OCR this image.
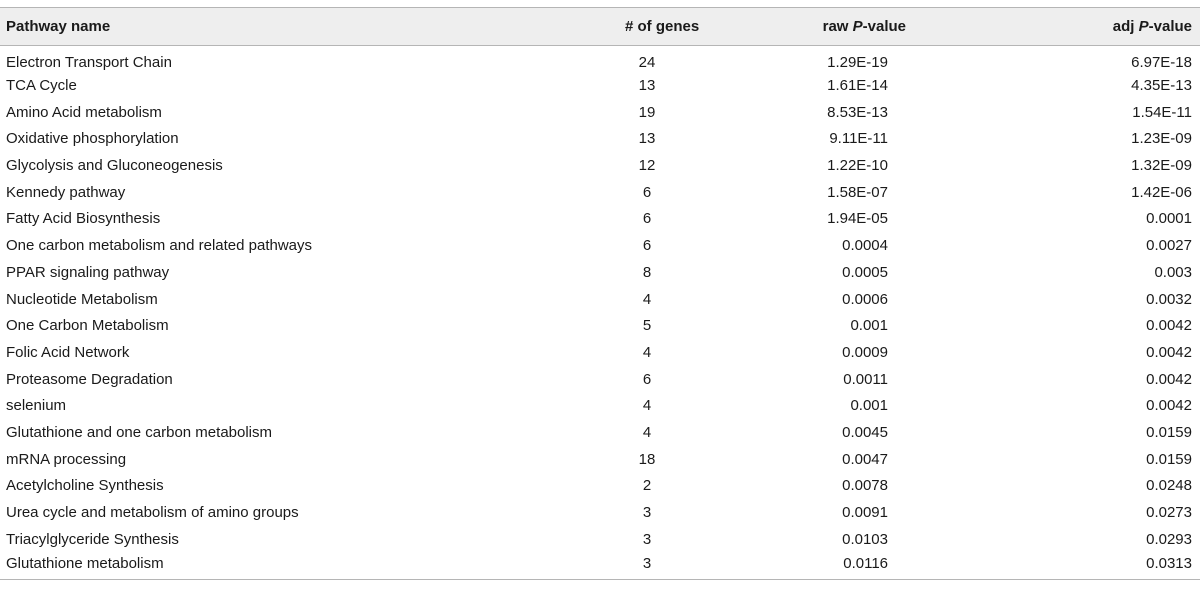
Pathway name	# of genes	raw P-value	adj P-value
Electron Transport Chain	24	1.29E-19	6.97E-18
TCA Cycle	13	1.61E-14	4.35E-13
Amino Acid metabolism	19	8.53E-13	1.54E-11
Oxidative phosphorylation	13	9.11E-11	1.23E-09
Glycolysis and Gluconeogenesis	12	1.22E-10	1.32E-09
Kennedy pathway	6	1.58E-07	1.42E-06
Fatty Acid Biosynthesis	6	1.94E-05	0.0001
One carbon metabolism and related pathways	6	0.0004	0.0027
PPAR signaling pathway	8	0.0005	0.003
Nucleotide Metabolism	4	0.0006	0.0032
One Carbon Metabolism	5	0.001	0.0042
Folic Acid Network	4	0.0009	0.0042
Proteasome Degradation	6	0.0011	0.0042
selenium	4	0.001	0.0042
Glutathione and one carbon metabolism	4	0.0045	0.0159
mRNA processing	18	0.0047	0.0159
Acetylcholine Synthesis	2	0.0078	0.0248
Urea cycle and metabolism of amino groups	3	0.0091	0.0273
Triacylglyceride Synthesis	3	0.0103	0.0293
Glutathione metabolism	3	0.0116	0.0313
